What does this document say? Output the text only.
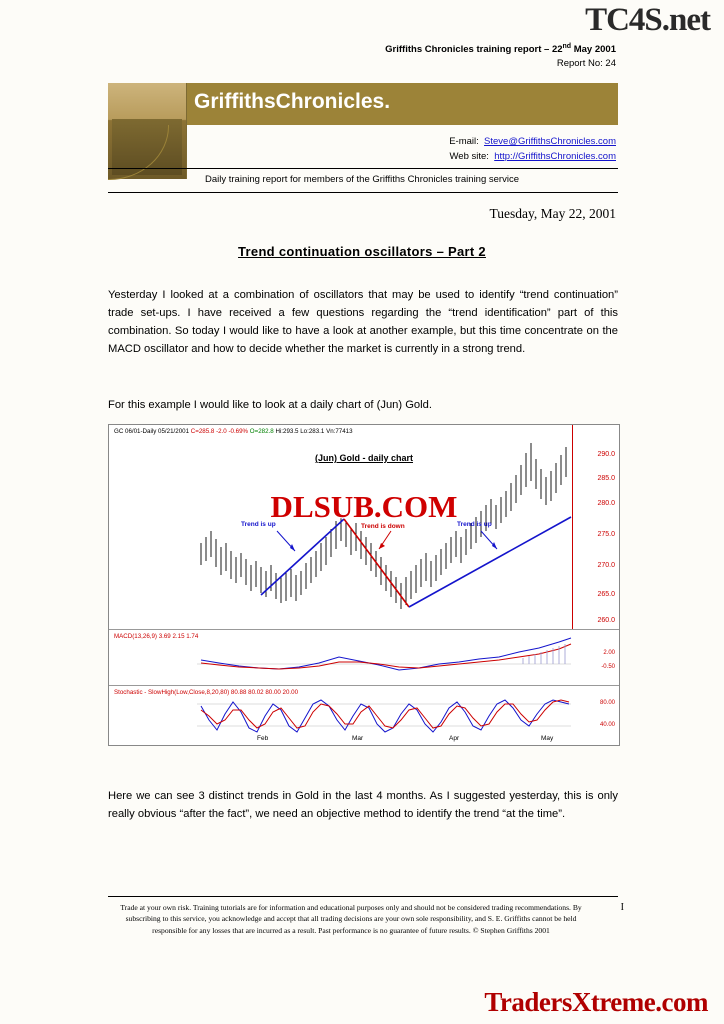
TC4S.net
Griffiths Chronicles training report – 22nd May 2001
Report No: 24
GriffithsChronicles.
E-mail: Steve@GriffithsChronicles.com
Web site: http://GriffithsChronicles.com
Daily training report for members of the Griffiths Chronicles training service
Tuesday, May 22, 2001
Trend continuation oscillators – Part 2
Yesterday I looked at a combination of oscillators that may be used to identify “trend continuation” trade set-ups. I have received a few questions regarding the “trend identification” part of this combination. So today I would like to have a look at another example, but this time concentrate on the MACD oscillator and how to decide whether the market is currently in a strong trend.
For this example I would like to look at a daily chart of (Jun) Gold.
GC 06/01-Daily 05/21/2001 C=285.8 -2.0 -0.69% O=282.8 Hi:293.5 Lo:283.1 Vn:77413
(Jun) Gold - daily chart
DLSUB.COM
Trend is up	Trend is down	Trend is up
290.0
285.0
280.0
275.0
270.0
265.0
260.0
MACD(13,26,9) 3.69 2.15 1.74
2.00
-0.50
Stochastic - SlowHigh(Low,Close,8,20,80) 80.88 80.02 80.00 20.00
80.00
40.00
Feb	Mar	Apr	May
Here we can see 3 distinct trends in Gold in the last 4 months. As I suggested yesterday, this is only really obvious “after the fact”, we need an objective method to identify the trend “at the time”.
Trade at your own risk. Training tutorials are for information and educational purposes only and should not be considered trading recommendations. By subscribing to this service, you acknowledge and accept that all trading decisions are your own sole responsibility, and S. E. Griffiths cannot be held responsible for any losses that are incurred as a result. Past performance is no guarantee of future results. © Stephen Griffiths 2001
I
TradersXtreme.com
